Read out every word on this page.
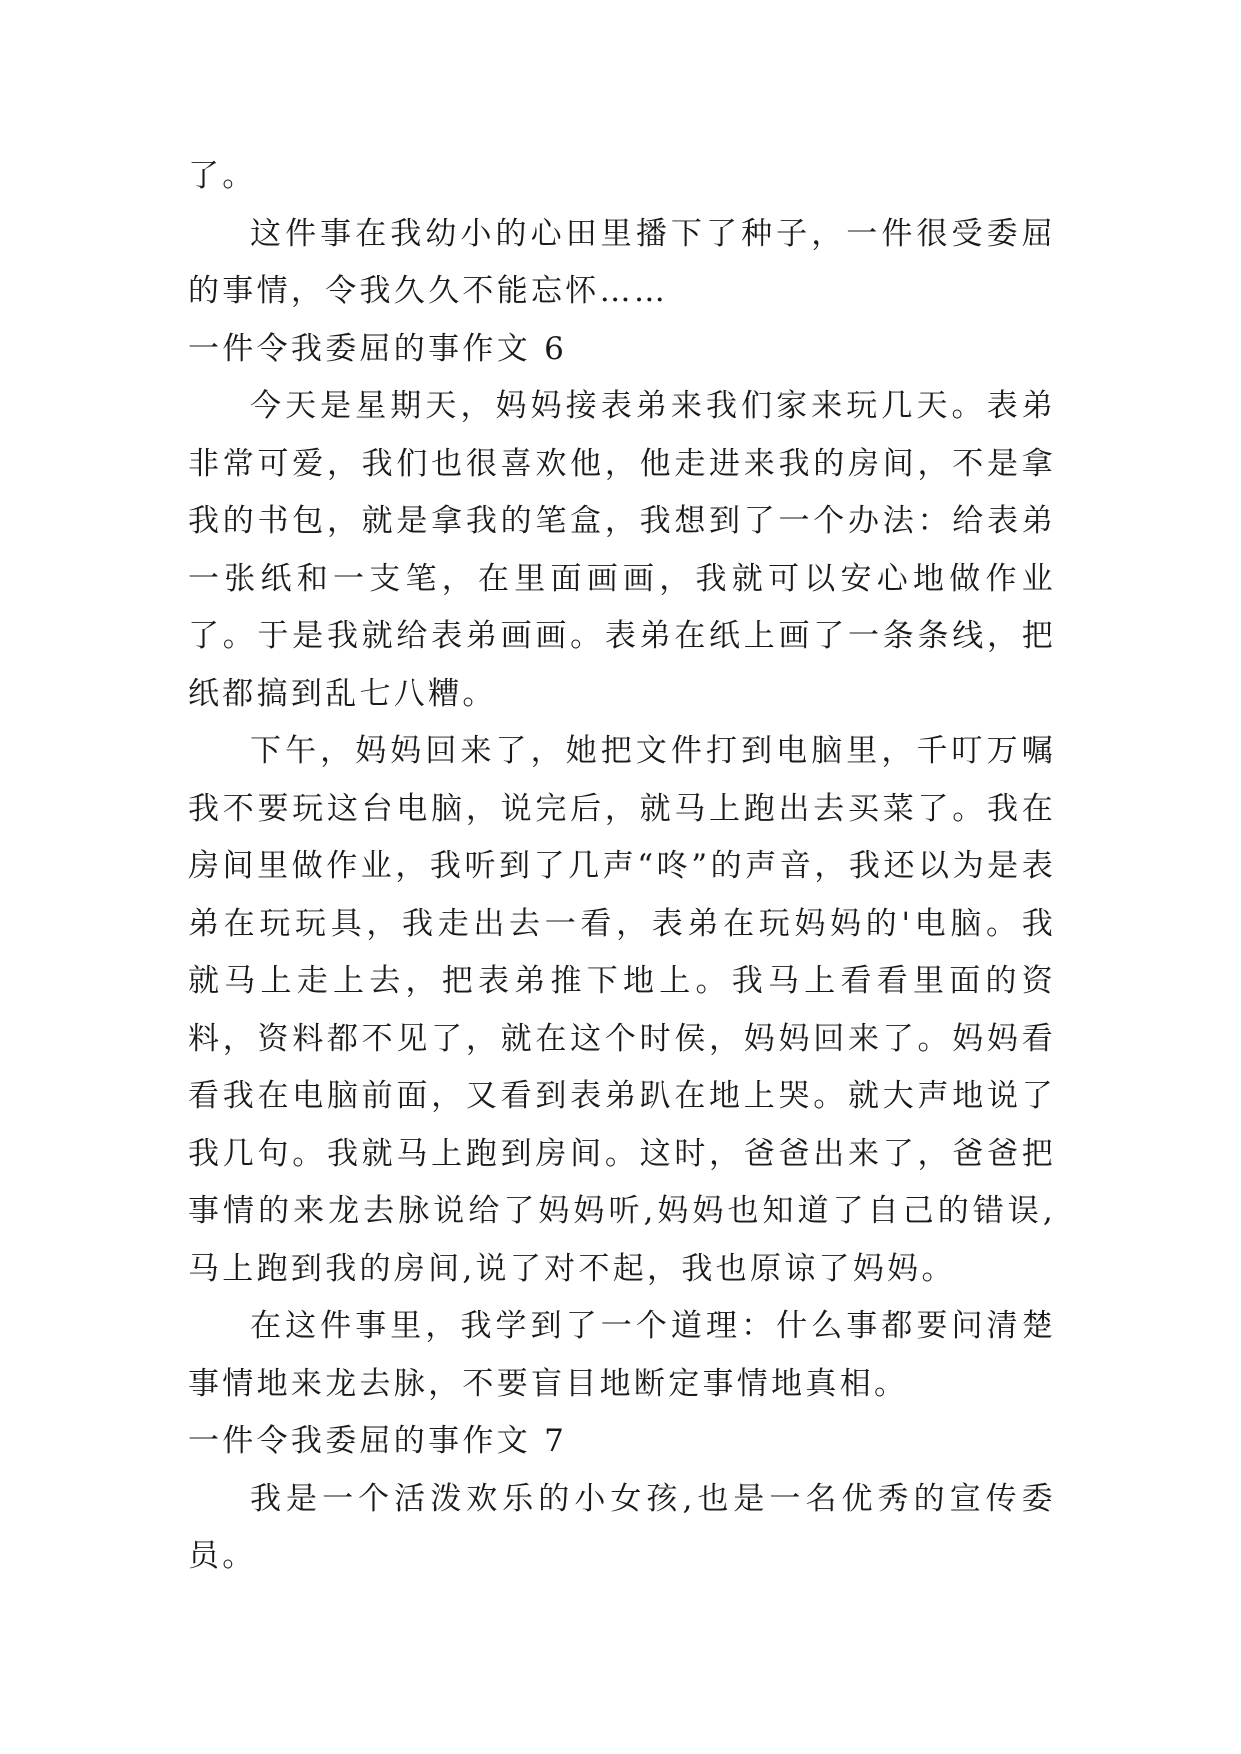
了。

这件事在我幼小的心田里播下了种子，一件很受委屈的事情，令我久久不能忘怀……

一件令我委屈的事作文 6

今天是星期天，妈妈接表弟来我们家来玩几天。表弟非常可爱，我们也很喜欢他，他走进来我的房间，不是拿我的书包，就是拿我的笔盒，我想到了一个办法：给表弟一张纸和一支笔，在里面画画，我就可以安心地做作业了。于是我就给表弟画画。表弟在纸上画了一条条线，把纸都搞到乱七八糟。

下午，妈妈回来了，她把文件打到电脑里，千叮万嘱我不要玩这台电脑，说完后，就马上跑出去买菜了。我在房间里做作业，我听到了几声“咚”的声音，我还以为是表弟在玩玩具，我走出去一看，表弟在玩妈妈的'电脑。我就马上走上去，把表弟推下地上。我马上看看里面的资料，资料都不见了，就在这个时侯，妈妈回来了。妈妈看看我在电脑前面，又看到表弟趴在地上哭。就大声地说了我几句。我就马上跑到房间。这时，爸爸出来了，爸爸把事情的来龙去脉说给了妈妈听,妈妈也知道了自己的错误,马上跑到我的房间,说了对不起，我也原谅了妈妈。

在这件事里，我学到了一个道理：什么事都要问清楚事情地来龙去脉，不要盲目地断定事情地真相。

一件令我委屈的事作文 7

我是一个活泼欢乐的小女孩,也是一名优秀的宣传委员。
